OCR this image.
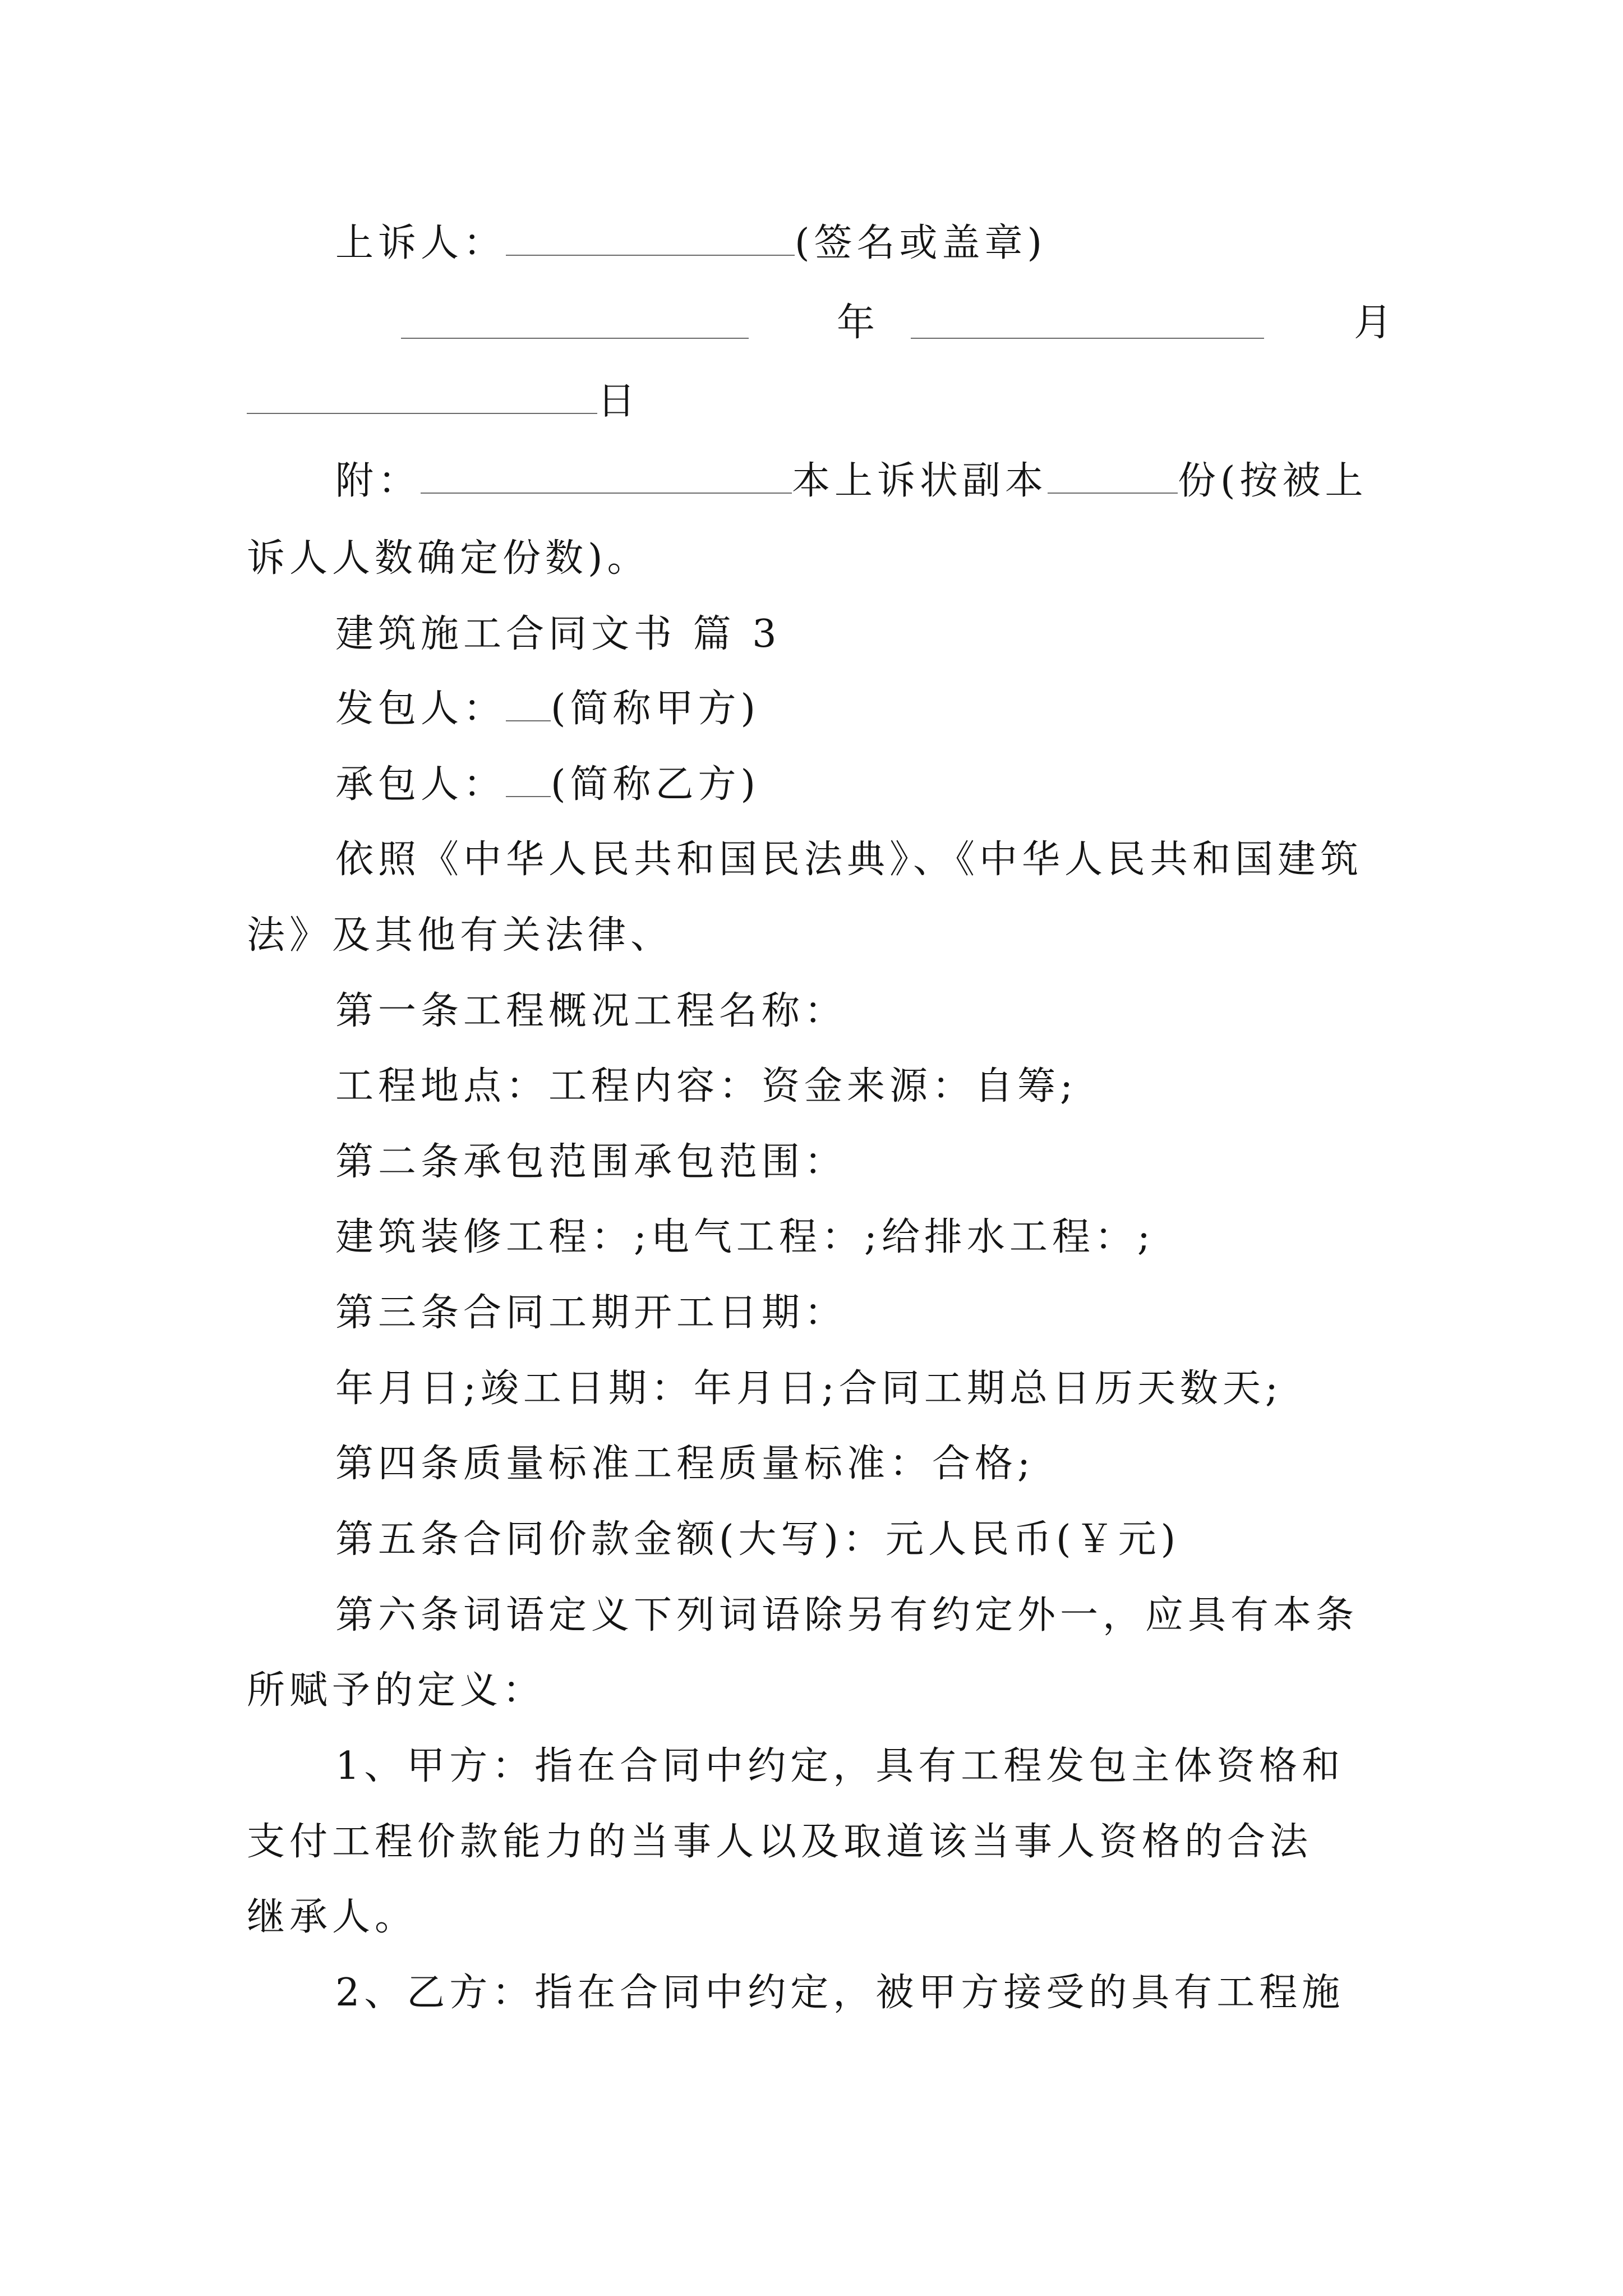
上诉人：	(签名或盖章)
年	月
日
附：	本上诉状副本	份(按被上
诉人人数确定份数)。
建筑施工合同文书 篇 3
发包人： (简称甲方)
承包人： (简称乙方)
依照《中华人民共和国民法典》、《中华人民共和国建筑
法》及其他有关法律、
第一条工程概况工程名称：
工程地点：工程内容：资金来源：自筹;
第二条承包范围承包范围：
建筑装修工程：;电气工程：;给排水工程：;
第三条合同工期开工日期：
年月日;竣工日期：年月日;合同工期总日历天数天;
第四条质量标准工程质量标准：合格;
第五条合同价款金额(大写)：元人民币(￥元)
第六条词语定义下列词语除另有约定外一，应具有本条
所赋予的定义：
1、甲方：指在合同中约定，具有工程发包主体资格和
支付工程价款能力的当事人以及取道该当事人资格的合法
继承人。
2、乙方：指在合同中约定，被甲方接受的具有工程施
